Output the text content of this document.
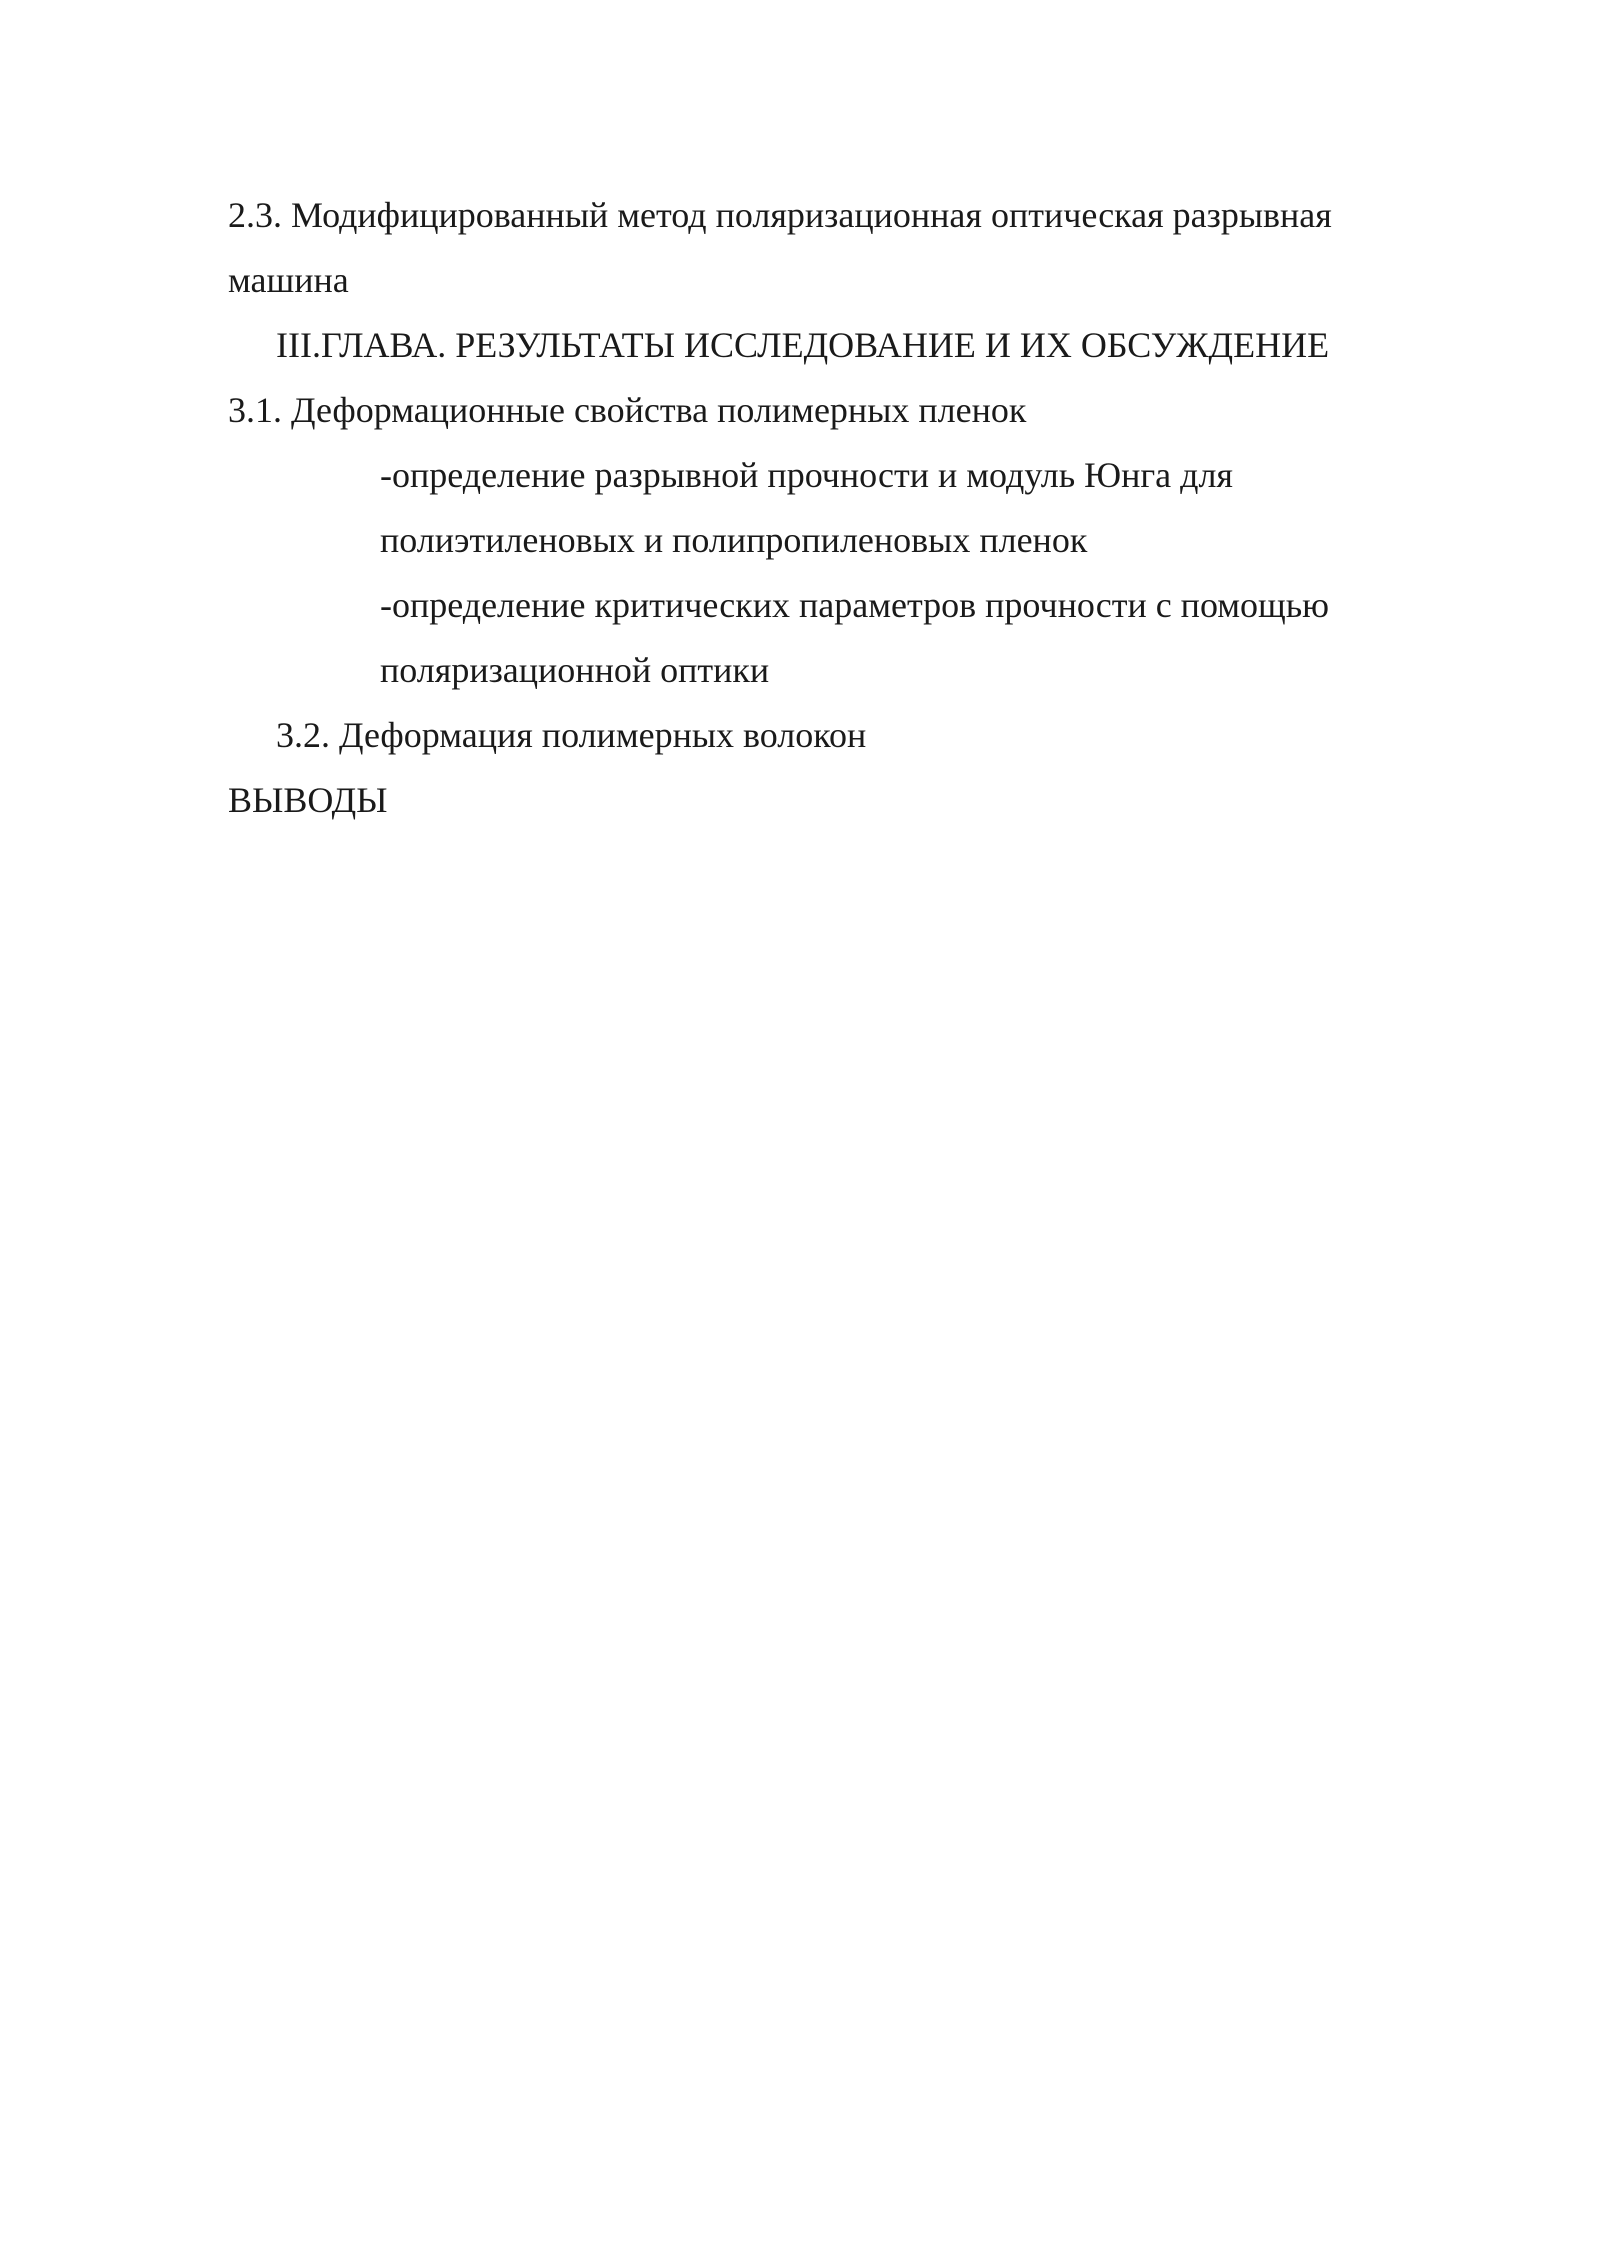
2.3. Модифицированный метод поляризационная оптическая разрывная
машина
III.ГЛАВА. РЕЗУЛЬТАТЫ ИССЛЕДОВАНИЕ И ИХ ОБСУЖДЕНИЕ
3.1. Деформационные свойства полимерных пленок
-определение разрывной прочности и модуль Юнга для
полиэтиленовых и полипропиленовых пленок
-определение критических параметров прочности с помощью
поляризационной оптики
3.2. Деформация полимерных волокон
ВЫВОДЫ
